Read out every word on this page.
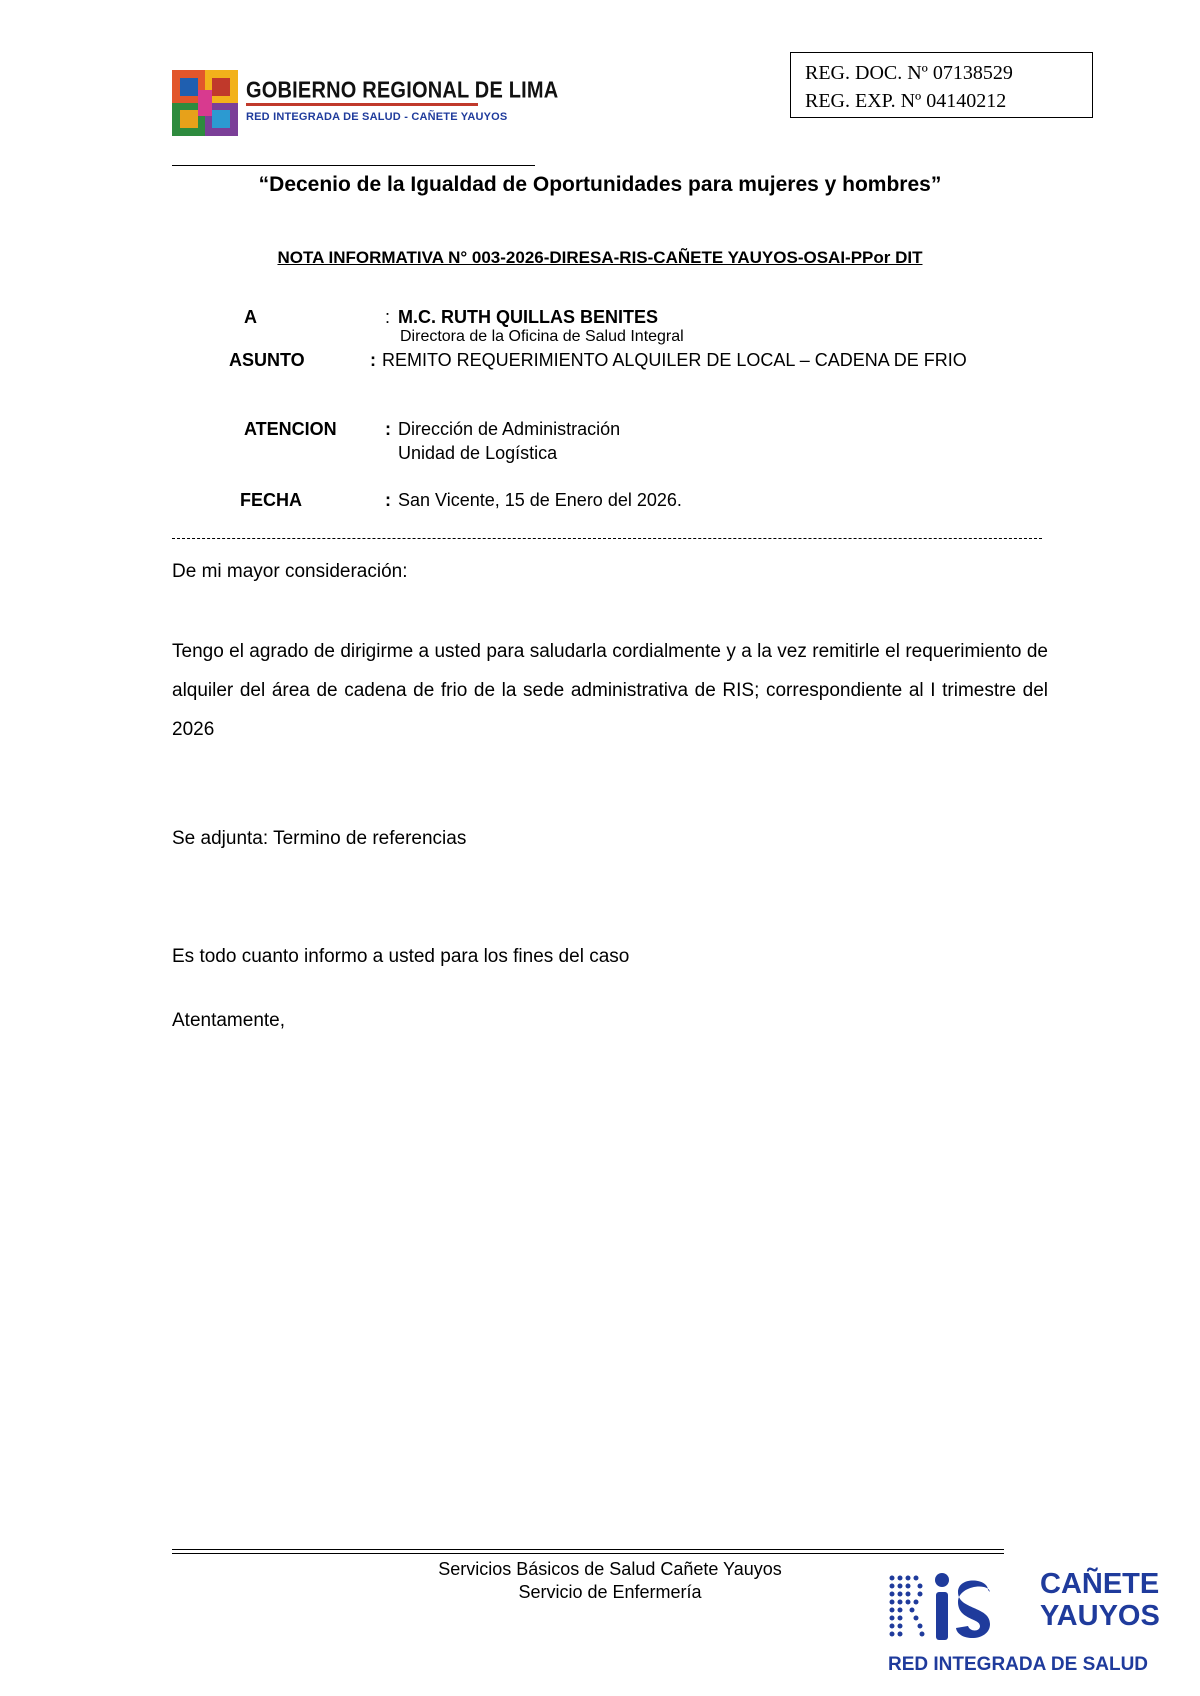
GOBIERNO REGIONAL DE LIMA
RED INTEGRADA DE SALUD - CAÑETE YAUYOS
REG. DOC. Nº 07138529
REG. EXP. Nº 04140212
“Decenio de la Igualdad de Oportunidades para mujeres y hombres”
NOTA INFORMATIVA N° 003-2026-DIRESA-RIS-CAÑETE YAUYOS-OSAI-PPor DIT
A	: M.C. RUTH QUILLAS BENITES
Directora de la Oficina de Salud Integral
ASUNTO	: REMITO REQUERIMIENTO ALQUILER DE LOCAL – CADENA DE FRIO
ATENCION	: Dirección de Administración
Unidad de Logística
FECHA	: San Vicente, 15 de Enero del 2026.
De mi mayor consideración:
Tengo el agrado de dirigirme a usted para saludarla cordialmente y a la vez remitirle el requerimiento de alquiler del área de cadena de frio de la sede administrativa de RIS; correspondiente al I trimestre del 2026
Se adjunta: Termino de referencias
Es todo cuanto informo a usted para los fines del caso
Atentamente,
Servicios Básicos de Salud Cañete Yauyos
Servicio de Enfermería	CAÑETE
YAUYOS
RED INTEGRADA DE SALUD
